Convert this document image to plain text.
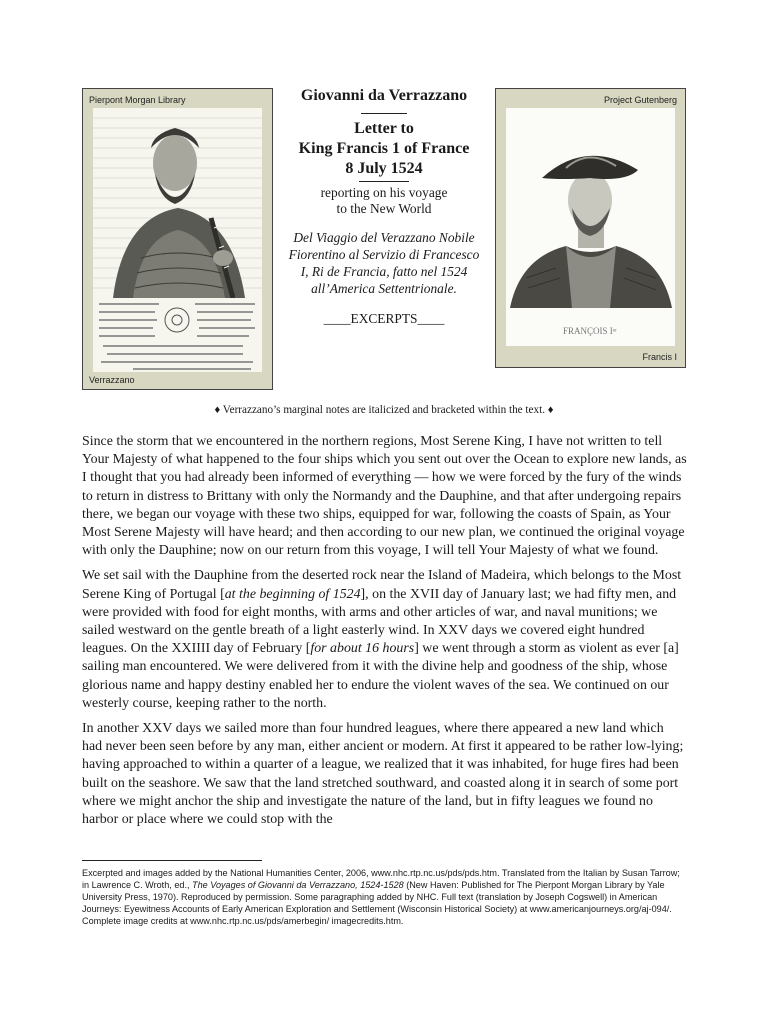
Pierpont Morgan Library
Verrazzano
Giovanni da Verrazzano
Letter to
King Francis 1 of France
8 July 1524
reporting on his voyage
to the New World
Del Viaggio del Verazzano Nobile
Fiorentino al Servizio di Francesco
I, Ri de Francia, fatto nel 1524
all’America Settentrionale.
____EXCERPTS____
Project Gutenberg
FRANÇOIS Iᵉʳ
Francis I
♦ Verrazzano’s marginal notes are italicized and bracketed within the text. ♦

Since the storm that we encountered in the northern regions, Most Serene King, I have not written to tell Your Majesty of what happened to the four ships which you sent out over the Ocean to explore new lands, as I thought that you had already been informed of everything — how we were forced by the fury of the winds to return in distress to Brittany with only the Normandy and the Dauphine, and that after undergoing repairs there, we began our voyage with these two ships, equipped for war, following the coasts of Spain, as Your Most Serene Majesty will have heard; and then according to our new plan, we continued the original voyage with only the Dauphine; now on our return from this voyage, I will tell Your Majesty of what we found.

We set sail with the Dauphine from the deserted rock near the Island of Madeira, which belongs to the Most Serene King of Portugal [at the beginning of 1524], on the XVII day of January last; we had fifty men, and were provided with food for eight months, with arms and other articles of war, and naval munitions; we sailed westward on the gentle breath of a light easterly wind. In XXV days we covered eight hundred leagues. On the XXIIII day of February [for about 16 hours] we went through a storm as violent as ever [a] sailing man encountered. We were delivered from it with the divine help and goodness of the ship, whose glorious name and happy destiny enabled her to endure the violent waves of the sea. We continued on our westerly course, keeping rather to the north.

In another XXV days we sailed more than four hundred leagues, where there appeared a new land which had never been seen before by any man, either ancient or modern. At first it appeared to be rather low-lying; having approached to within a quarter of a league, we realized that it was inhabited, for huge fires had been built on the seashore. We saw that the land stretched southward, and coasted along it in search of some port where we might anchor the ship and investigate the nature of the land, but in fifty leagues we found no harbor or place where we could stop with the

Excerpted and images added by the National Humanities Center, 2006, www.nhc.rtp.nc.us/pds/pds.htm. Translated from the Italian by Susan Tarrow; in Lawrence C. Wroth, ed., The Voyages of Giovanni da Verrazzano, 1524-1528 (New Haven: Published for The Pierpont Morgan Library by Yale University Press, 1970). Reproduced by permission. Some paragraphing added by NHC. Full text (translation by Joseph Cogswell) in American Journeys: Eyewitness Accounts of Early American Exploration and Settlement (Wisconsin Historical Society) at www.americanjourneys.org/aj-094/. Complete image credits at www.nhc.rtp.nc.us/pds/amerbegin/ imagecredits.htm.
